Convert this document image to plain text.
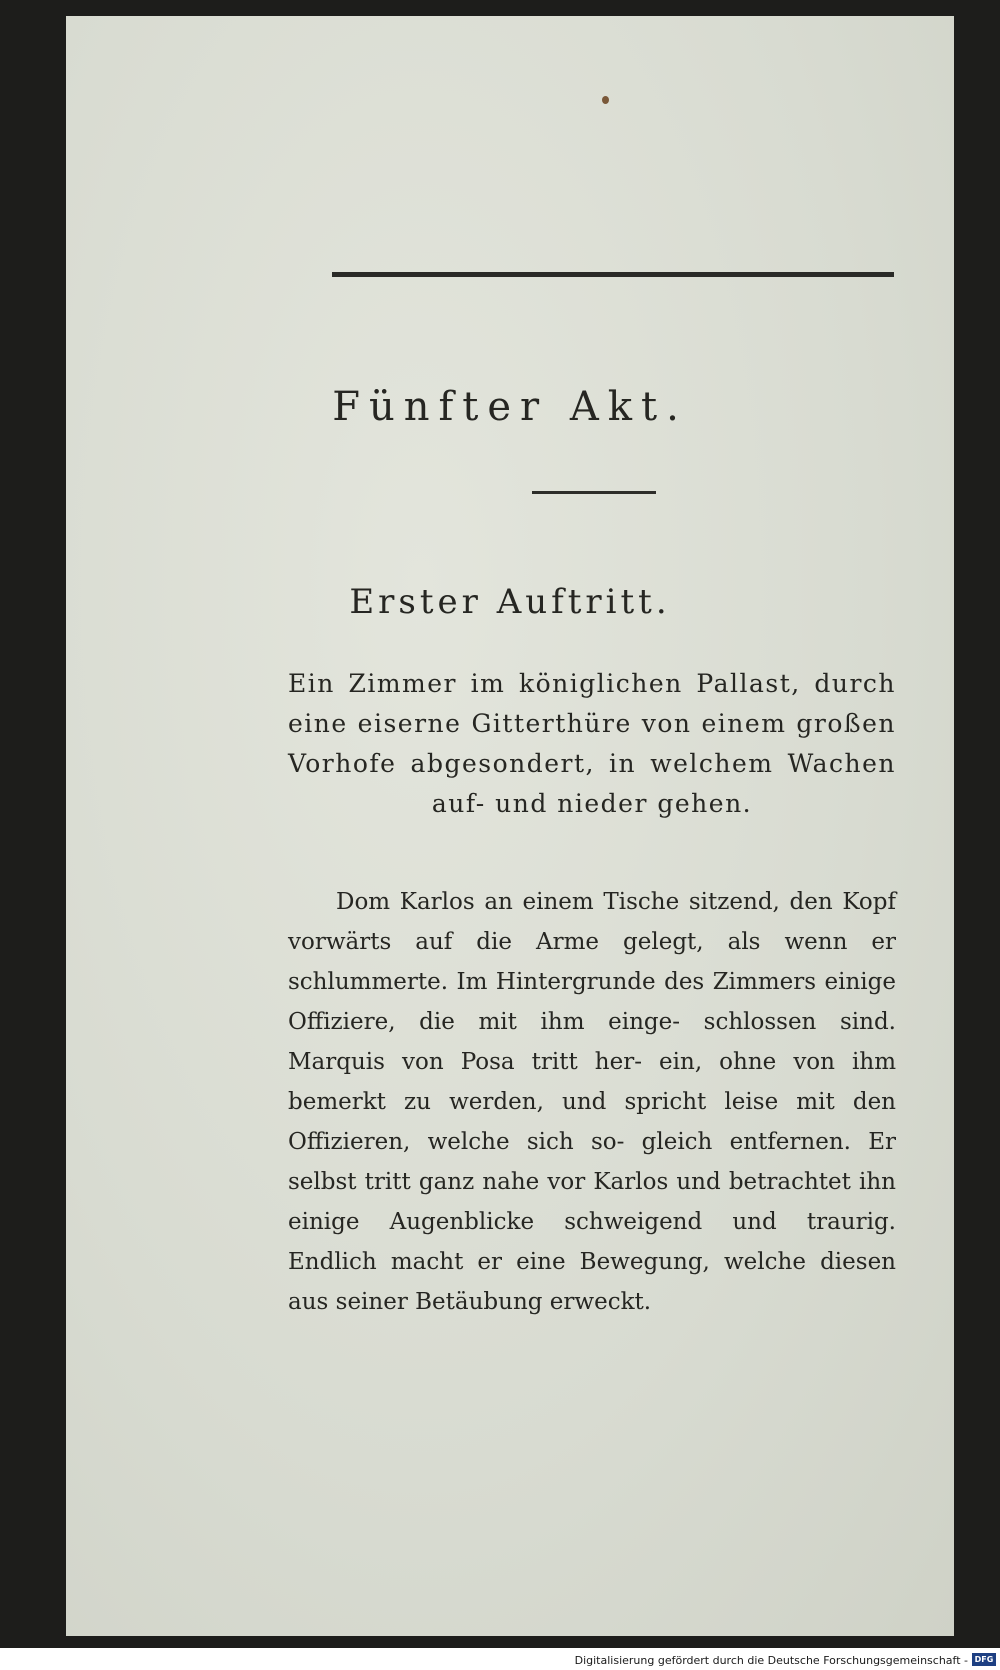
Fünfter Akt.
Erster Auftritt.
Ein Zimmer im königlichen Pallast, durch eine eiserne Gitterthüre von einem großen Vorhofe abgesondert, in welchem Wachen auf- und nieder gehen.
Dom Karlos an einem Tische sitzend, den Kopf vorwärts auf die Arme gelegt, als wenn er schlummerte. Im Hintergrunde des Zimmers einige Offiziere, die mit ihm einge- schlossen sind. Marquis von Posa tritt her- ein, ohne von ihm bemerkt zu werden, und spricht leise mit den Offizieren, welche sich so- gleich entfernen. Er selbst tritt ganz nahe vor Karlos und betrachtet ihn einige Augenblicke schweigend und traurig. Endlich macht er eine Bewegung, welche diesen aus seiner Betäubung erweckt.
Digitalisierung gefördert durch die Deutsche Forschungsgemeinschaft - DFG
